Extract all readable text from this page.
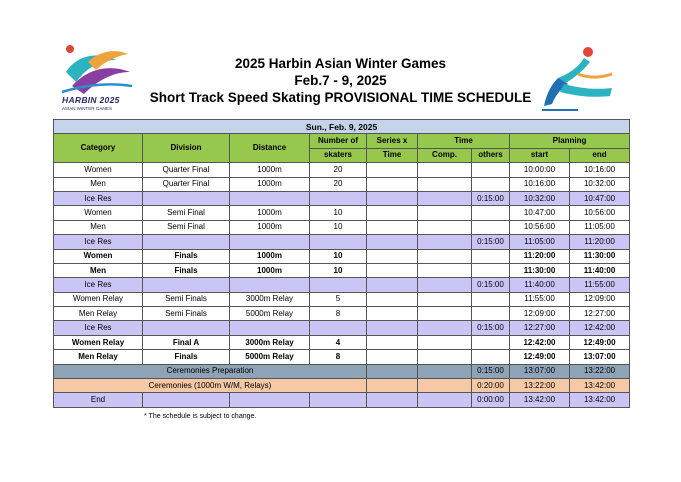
HARBIN 2025
ASIAN WINTER GAMES
2025 Harbin Asian Winter Games
Feb.7 - 9, 2025
Short Track Speed Skating PROVISIONAL TIME SCHEDULE
Sun., Feb. 9, 2025								
Category	Division	Distance	Number of	Series x	Time		Planning	
			skaters	Time	Comp.	others	start	end
Women	Quarter Final	1000m	20				10:00:00	10:16:00
Men	Quarter Final	1000m	20				10:16:00	10:32:00
Ice Res						0:15:00	10:32:00	10:47:00
Women	Semi Final	1000m	10				10:47:00	10:56:00
Men	Semi Final	1000m	10				10:56:00	11:05:00
Ice Res						0:15:00	11:05:00	11:20:00
Women	Finals	1000m	10				11:20:00	11:30:00
Men	Finals	1000m	10				11:30:00	11:40:00
Ice Res						0:15:00	11:40:00	11:55:00
Women Relay	Semi Finals	3000m Relay	5				11:55:00	12:09:00
Men Relay	Semi Finals	5000m Relay	8				12:09:00	12:27:00
Ice Res						0:15:00	12:27:00	12:42:00
Women Relay	Final A	3000m Relay	4				12:42:00	12:49:00
Men Relay	Finals	5000m Relay	8				12:49:00	13:07:00
Ceremonies Preparation						0:15:00	13:07:00	13:22:00
Ceremonies (1000m W/M, Relays)						0:20:00	13:22:00	13:42:00
End						0:00:00	13:42:00	13:42:00
* The schedule is subject to change.
